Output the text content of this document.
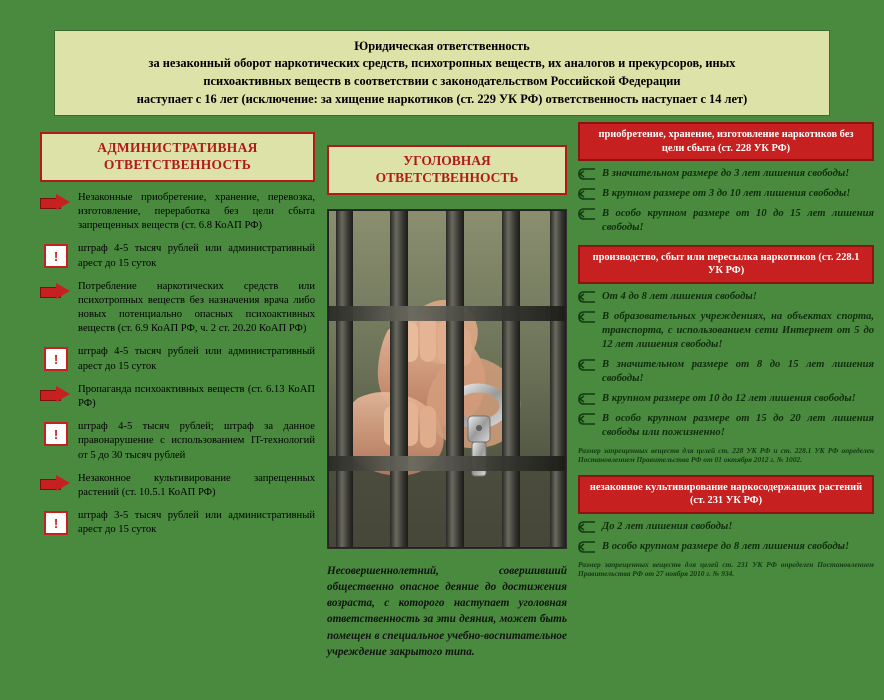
Юридическая ответственность
за незаконный оборот наркотических средств, психотропных веществ, их аналогов и прекурсоров, иных
психоактивных веществ в соответствии с законодательством Российской Федерации
наступает с 16 лет (исключение: за хищение наркотиков (ст. 229 УК РФ) ответственность наступает с 14 лет)
АДМИНИСТРАТИВНАЯ
ОТВЕТСТВЕННОСТЬ
Незаконные приобретение, хранение, перевозка, изготовление, переработка без цели сбыта запрещенных веществ (ст. 6.8 КоАП РФ)
!	штраф 4-5 тысяч рублей или административный арест до 15 суток
Потребление наркотических средств или психотропных веществ без назначения врача либо новых потенциально опасных психоактивных веществ (ст. 6.9 КоАП РФ, ч. 2 ст. 20.20 КоАП РФ)
!	штраф 4-5 тысяч рублей или административный арест до 15 суток
Пропаганда психоактивных веществ (ст. 6.13 КоАП РФ)
!	штраф 4-5 тысяч рублей; штраф за данное правонарушение с использованием IT-технологий от 5 до 30 тысяч рублей
Незаконное культивирование запрещенных растений (ст. 10.5.1 КоАП РФ)
!	штраф 3-5 тысяч рублей или административный арест до 15 суток
УГОЛОВНАЯ
ОТВЕТСТВЕННОСТЬ
Несовершеннолетний, совершивший общественно опасное деяние до достижения возраста, с которого наступает уголовная ответственность за эти деяния, может быть помещен в специальное учебно-воспитательное учреждение закрытого типа.
приобретение, хранение, изготовление наркотиков без цели сбыта (ст. 228 УК РФ)
В значительном размере до 3 лет лишения свободы!
В крупном размере от 3 до 10 лет лишения свободы!
В особо крупном размере от 10 до 15 лет лишения свободы!
производство, сбыт или пересылка наркотиков (ст. 228.1 УК РФ)
От 4 до 8 лет лишения свободы!
В образовательных учреждениях, на объектах спорта, транспорта, с использованием сети Интернет от 5 до 12 лет лишения свободы!
В значительном размере от 8 до 15 лет лишения свободы!
В крупном размере от 10 до 12 лет лишения свободы!
В особо крупном размере от 15 до 20 лет лишения свободы или пожизненно!
Размер запрещенных веществ для целей ст. 228 УК РФ и ст. 228.1 УК РФ определен Постановлением Правительства РФ от 01 октября 2012 г. № 1002.
незаконное культивирование наркосодержащих растений (ст. 231 УК РФ)
До 2 лет лишения свободы!
В особо крупном размере до 8 лет лишения свободы!
Размер запрещенных веществ для целей ст. 231 УК РФ определен Постановлением Правительства РФ от 27 ноября 2010 г. № 934.
